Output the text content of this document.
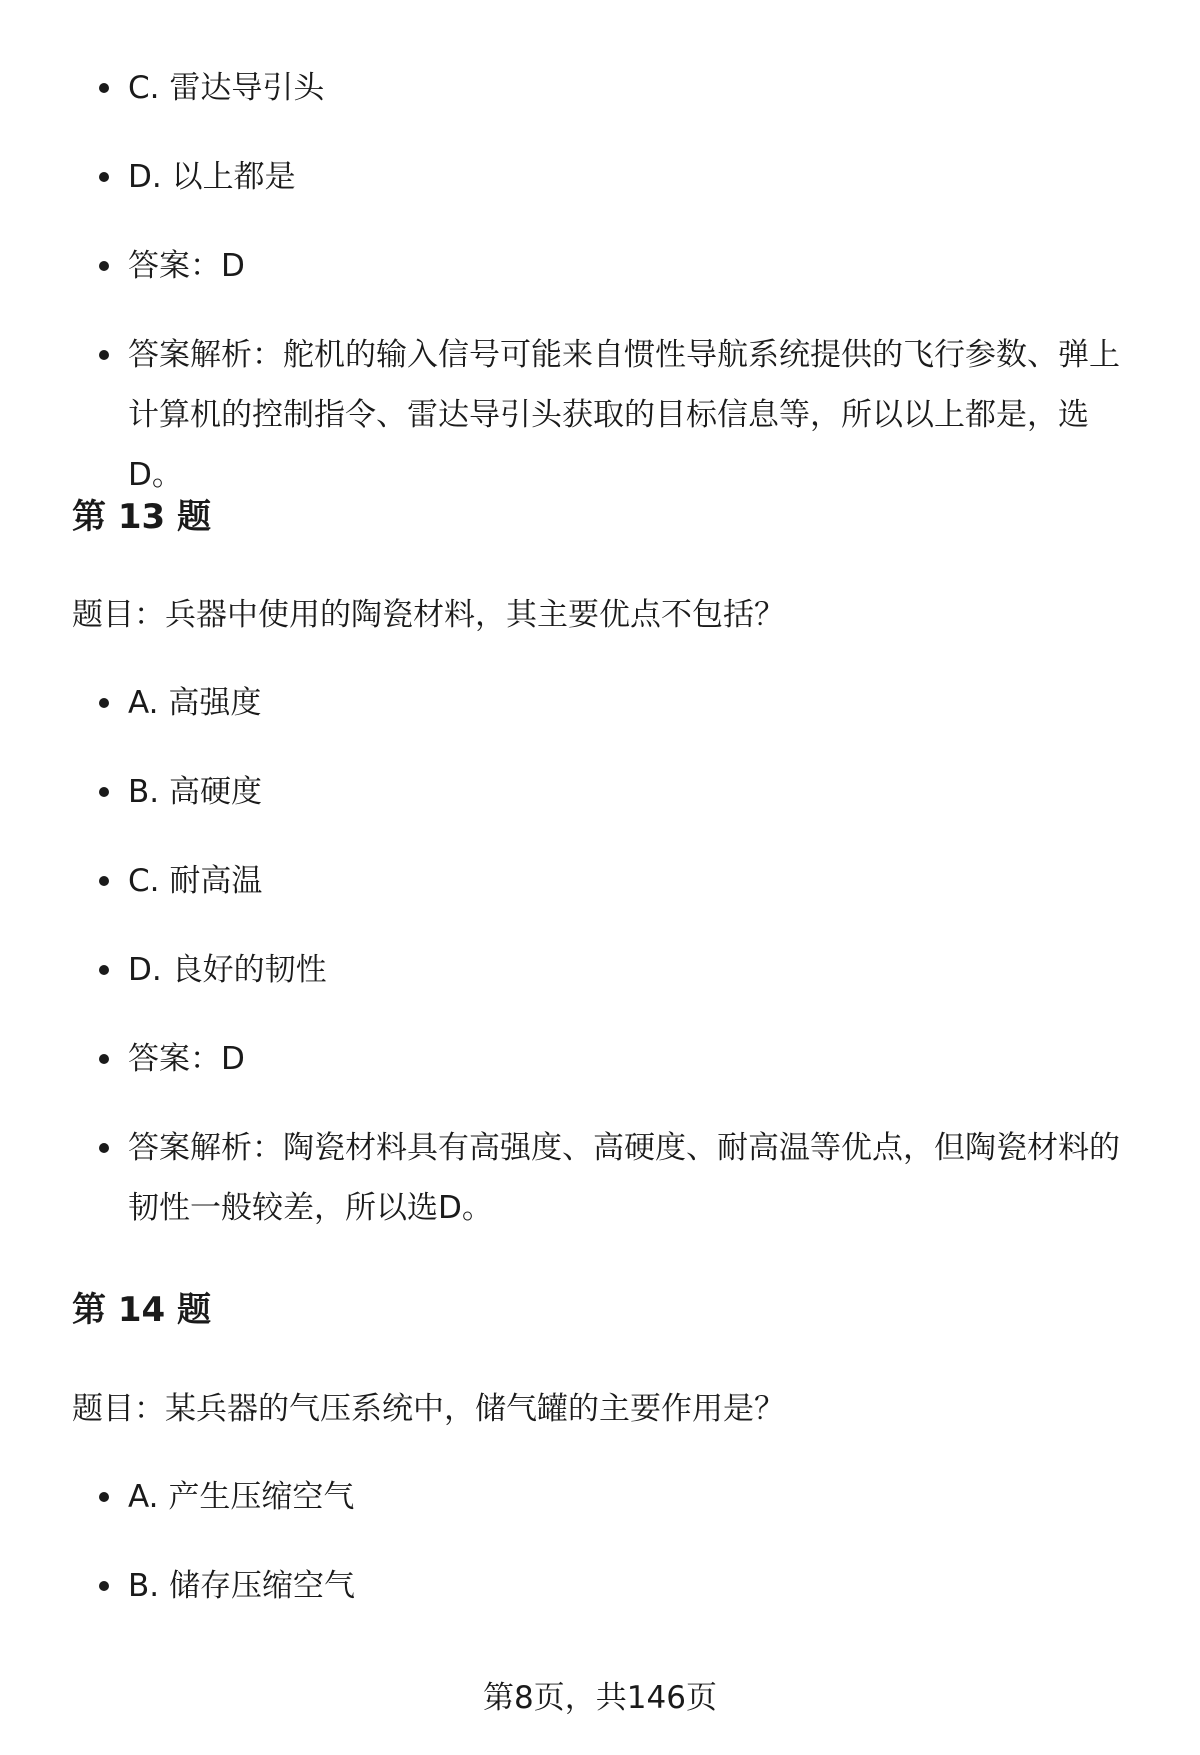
C. 雷达导引头
D. 以上都是
答案：D
答案解析：舵机的输入信号可能来自惯性导航系统提供的飞行参数、弹上计算机的控制指令、雷达导引头获取的目标信息等，所以以上都是，选D。
第 13 题
题目：兵器中使用的陶瓷材料，其主要优点不包括？
A. 高强度
B. 高硬度
C. 耐高温
D. 良好的韧性
答案：D
答案解析：陶瓷材料具有高强度、高硬度、耐高温等优点，但陶瓷材料的韧性一般较差，所以选D。
第 14 题
题目：某兵器的气压系统中，储气罐的主要作用是？
A. 产生压缩空气
B. 储存压缩空气
第8页，共146页
